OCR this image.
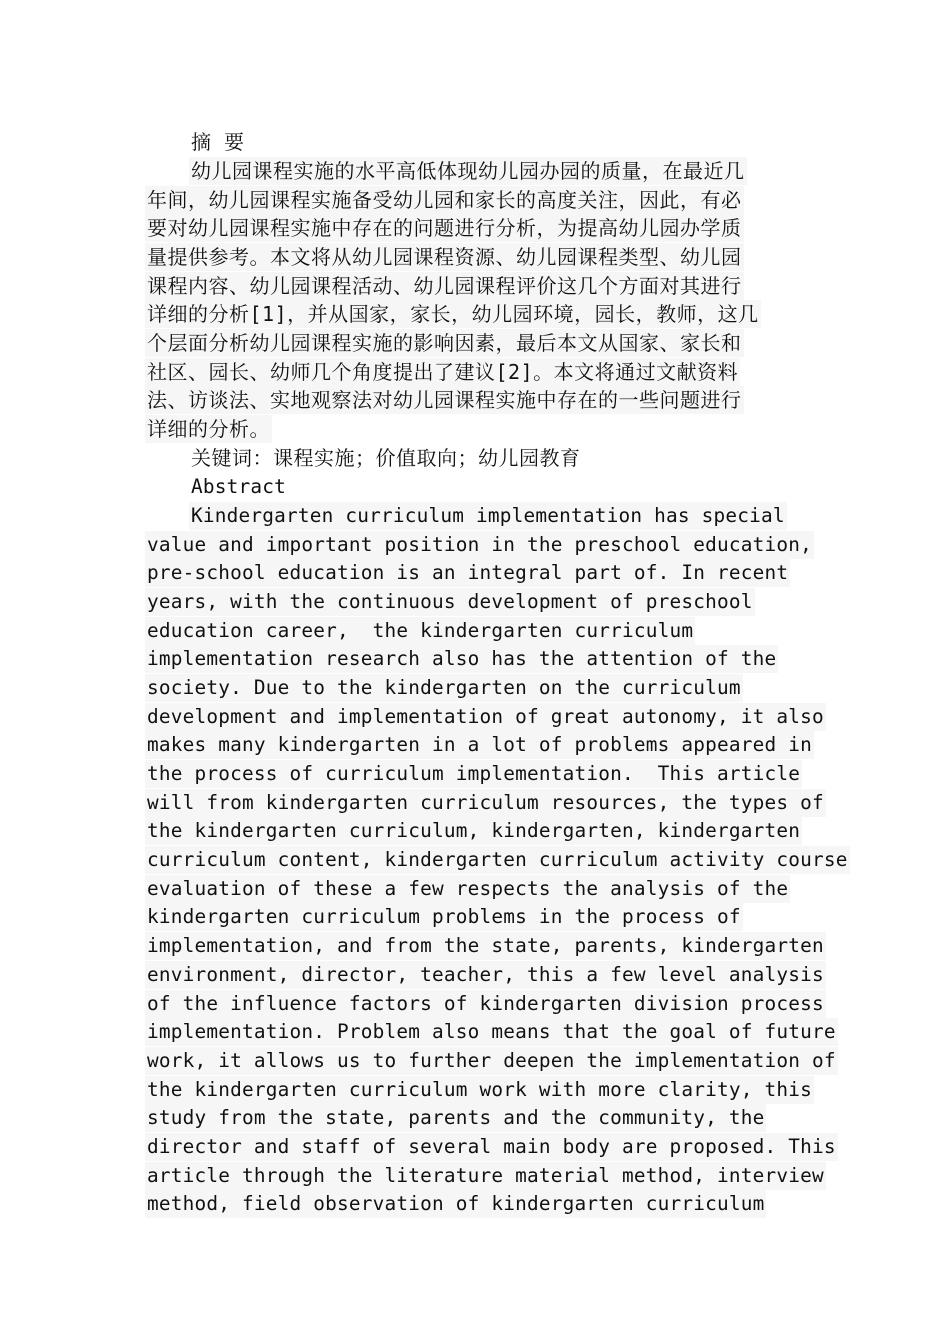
摘 要
幼儿园课程实施的水平高低体现幼儿园办园的质量，在最近几
年间，幼儿园课程实施备受幼儿园和家长的高度关注，因此，有必
要对幼儿园课程实施中存在的问题进行分析，为提高幼儿园办学质
量提供参考。本文将从幼儿园课程资源、幼儿园课程类型、幼儿园
课程内容、幼儿园课程活动、幼儿园课程评价这几个方面对其进行
详细的分析[1]，并从国家，家长，幼儿园环境，园长，教师，这几
个层面分析幼儿园课程实施的影响因素，最后本文从国家、家长和
社区、园长、幼师几个角度提出了建议[2]。本文将通过文献资料
法、访谈法、实地观察法对幼儿园课程实施中存在的一些问题进行
详细的分析。
关键词：课程实施；价值取向；幼儿园教育
Abstract
Kindergarten curriculum implementation has special
value and important position in the preschool education,
pre-school education is an integral part of. In recent
years, with the continuous development of preschool
education career,  the kindergarten curriculum
implementation research also has the attention of the
society. Due to the kindergarten on the curriculum
development and implementation of great autonomy, it also
makes many kindergarten in a lot of problems appeared in
the process of curriculum implementation.  This article
will from kindergarten curriculum resources, the types of
the kindergarten curriculum, kindergarten, kindergarten
curriculum content, kindergarten curriculum activity course
evaluation of these a few respects the analysis of the
kindergarten curriculum problems in the process of
implementation, and from the state, parents, kindergarten
environment, director, teacher, this a few level analysis
of the influence factors of kindergarten division process
implementation. Problem also means that the goal of future
work, it allows us to further deepen the implementation of
the kindergarten curriculum work with more clarity, this
study from the state, parents and the community, the
director and staff of several main body are proposed. This
article through the literature material method, interview
method, field observation of kindergarten curriculum
